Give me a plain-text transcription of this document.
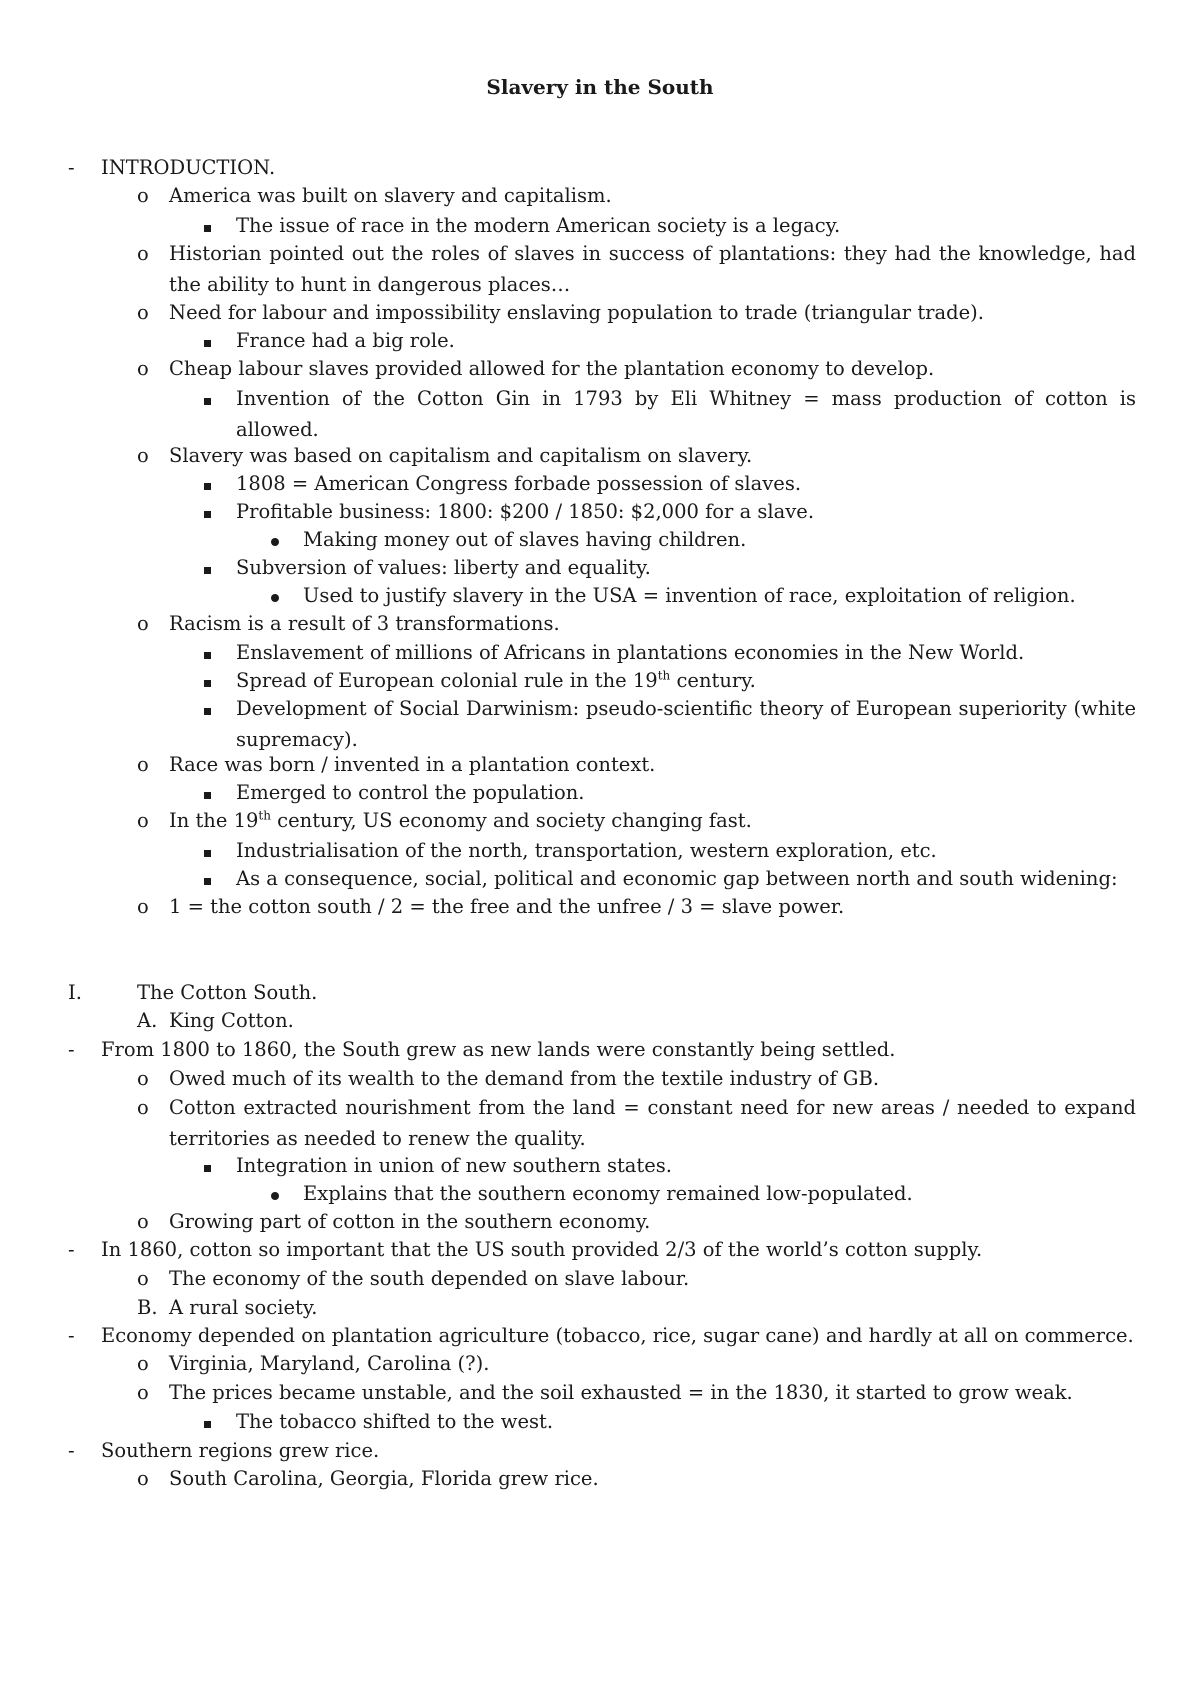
Slavery in the South
- INTRODUCTION.
o America was built on slavery and capitalism.
The issue of race in the modern American society is a legacy.
o Historian pointed out the roles of slaves in success of plantations: they had the knowledge, had the ability to hunt in dangerous places…
o Need for labour and impossibility enslaving population to trade (triangular trade).
France had a big role.
o Cheap labour slaves provided allowed for the plantation economy to develop.
Invention of the Cotton Gin in 1793 by Eli Whitney = mass production of cotton is allowed.
o Slavery was based on capitalism and capitalism on slavery.
1808 = American Congress forbade possession of slaves.
Profitable business: 1800: $200 / 1850: $2,000 for a slave.
Making money out of slaves having children.
Subversion of values: liberty and equality.
Used to justify slavery in the USA = invention of race, exploitation of religion.
o Racism is a result of 3 transformations.
Enslavement of millions of Africans in plantations economies in the New World.
Spread of European colonial rule in the 19th century.
Development of Social Darwinism: pseudo-scientific theory of European superiority (white supremacy).
o Race was born / invented in a plantation context.
Emerged to control the population.
o In the 19th century, US economy and society changing fast.
Industrialisation of the north, transportation, western exploration, etc.
As a consequence, social, political and economic gap between north and south widening:
o 1 = the cotton south / 2 = the free and the unfree / 3 = slave power.
I.	The Cotton South.
A. King Cotton.
- From 1800 to 1860, the South grew as new lands were constantly being settled.
o Owed much of its wealth to the demand from the textile industry of GB.
o Cotton extracted nourishment from the land = constant need for new areas / needed to expand territories as needed to renew the quality.
Integration in union of new southern states.
Explains that the southern economy remained low-populated.
o Growing part of cotton in the southern economy.
- In 1860, cotton so important that the US south provided 2/3 of the world’s cotton supply.
o The economy of the south depended on slave labour.
B. A rural society.
- Economy depended on plantation agriculture (tobacco, rice, sugar cane) and hardly at all on commerce.
o Virginia, Maryland, Carolina (?).
o The prices became unstable, and the soil exhausted = in the 1830, it started to grow weak.
The tobacco shifted to the west.
- Southern regions grew rice.
o South Carolina, Georgia, Florida grew rice.
